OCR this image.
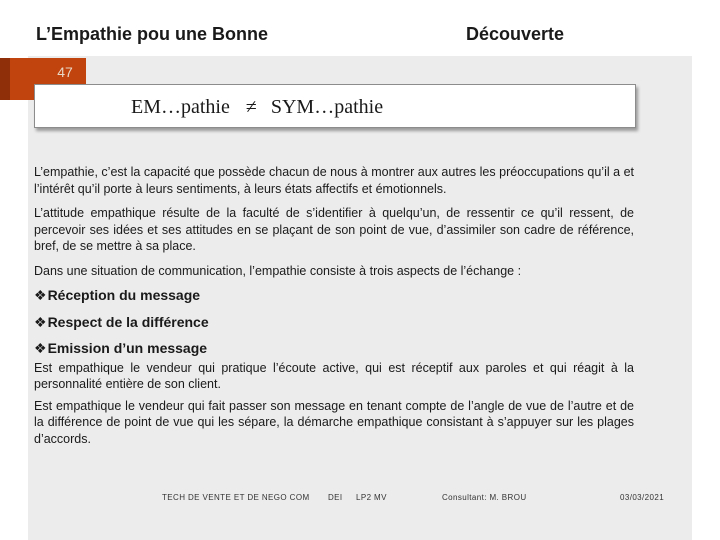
L’Empathie pou une Bonne	Découverte
47
EM…pathie ≠ SYM…pathie

L’empathie, c’est la capacité que possède chacun de nous à montrer aux autres les préoccupations qu’il a et l’intérêt qu’il porte à leurs sentiments, à leurs états affectifs et émotionnels.

L’attitude empathique résulte de la faculté de s’identifier à quelqu’un, de ressentir ce qu’il ressent, de percevoir ses idées et ses attitudes en se plaçant de son point de vue, d’assimiler son cadre de référence, bref, de se mettre à sa place.

Dans une situation de communication, l’empathie consiste à trois aspects de l’échange :

❖Réception du message
❖Respect de la différence
❖Emission d’un message

Est empathique le vendeur qui pratique l’écoute active, qui est réceptif aux paroles et qui réagit à la personnalité entière de son client.

Est empathique le vendeur qui fait passer son message en tenant compte de l’angle de vue de l’autre et de la différence de point de vue qui les sépare, la démarche empathique consistant à s’appuyer sur les plages d’accords.

TECH DE VENTE ET DE NEGO COM DEI LP2 MV	Consultant: M. BROU	03/03/2021
